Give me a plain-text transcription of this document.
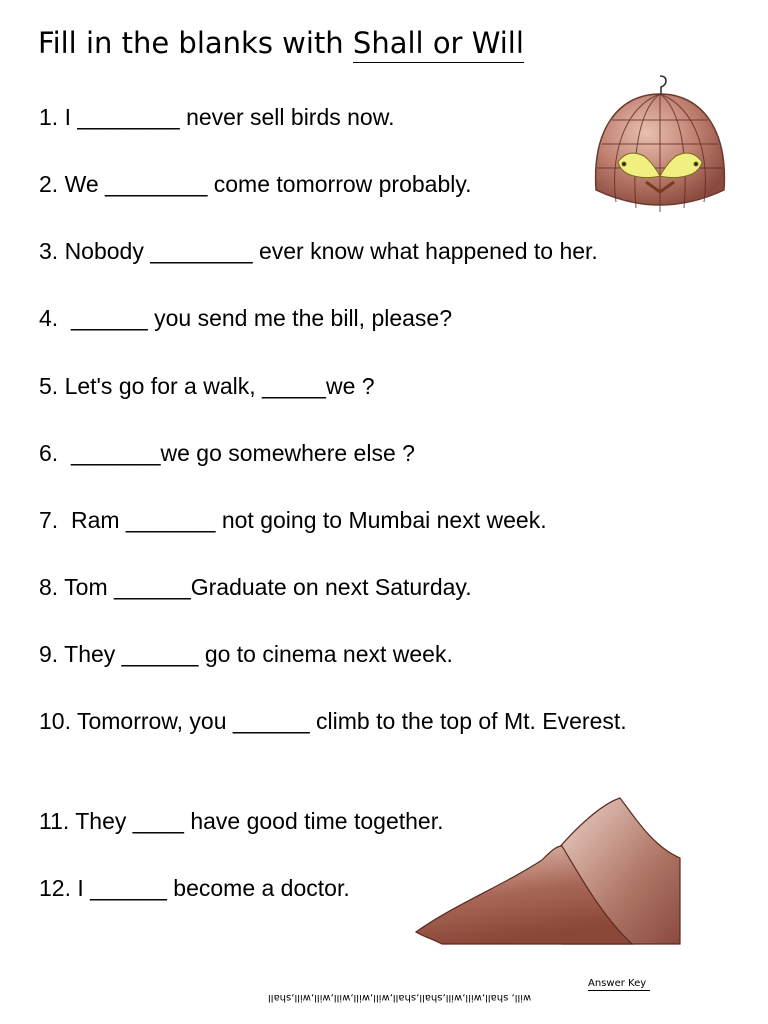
Fill in the blanks with Shall or Will

1. I ________ never sell birds now.

2. We ________ come tomorrow probably.

3. Nobody ________ ever know what happened to her.

4.  ______ you send me the bill, please?

5. Let's go for a walk, _____we ?

6.  _______we go somewhere else ?

7.  Ram _______ not going to Mumbai next week.

8. Tom ______Graduate on next Saturday.

9. They ______ go to cinema next week.

10. Tomorrow, you ______ climb to the top of Mt. Everest.

11. They ____ have good time together.

12. I ______ become a doctor.

Answer Key
will, shall,will,will,shall,shall,will,will,will,will,will,shall
